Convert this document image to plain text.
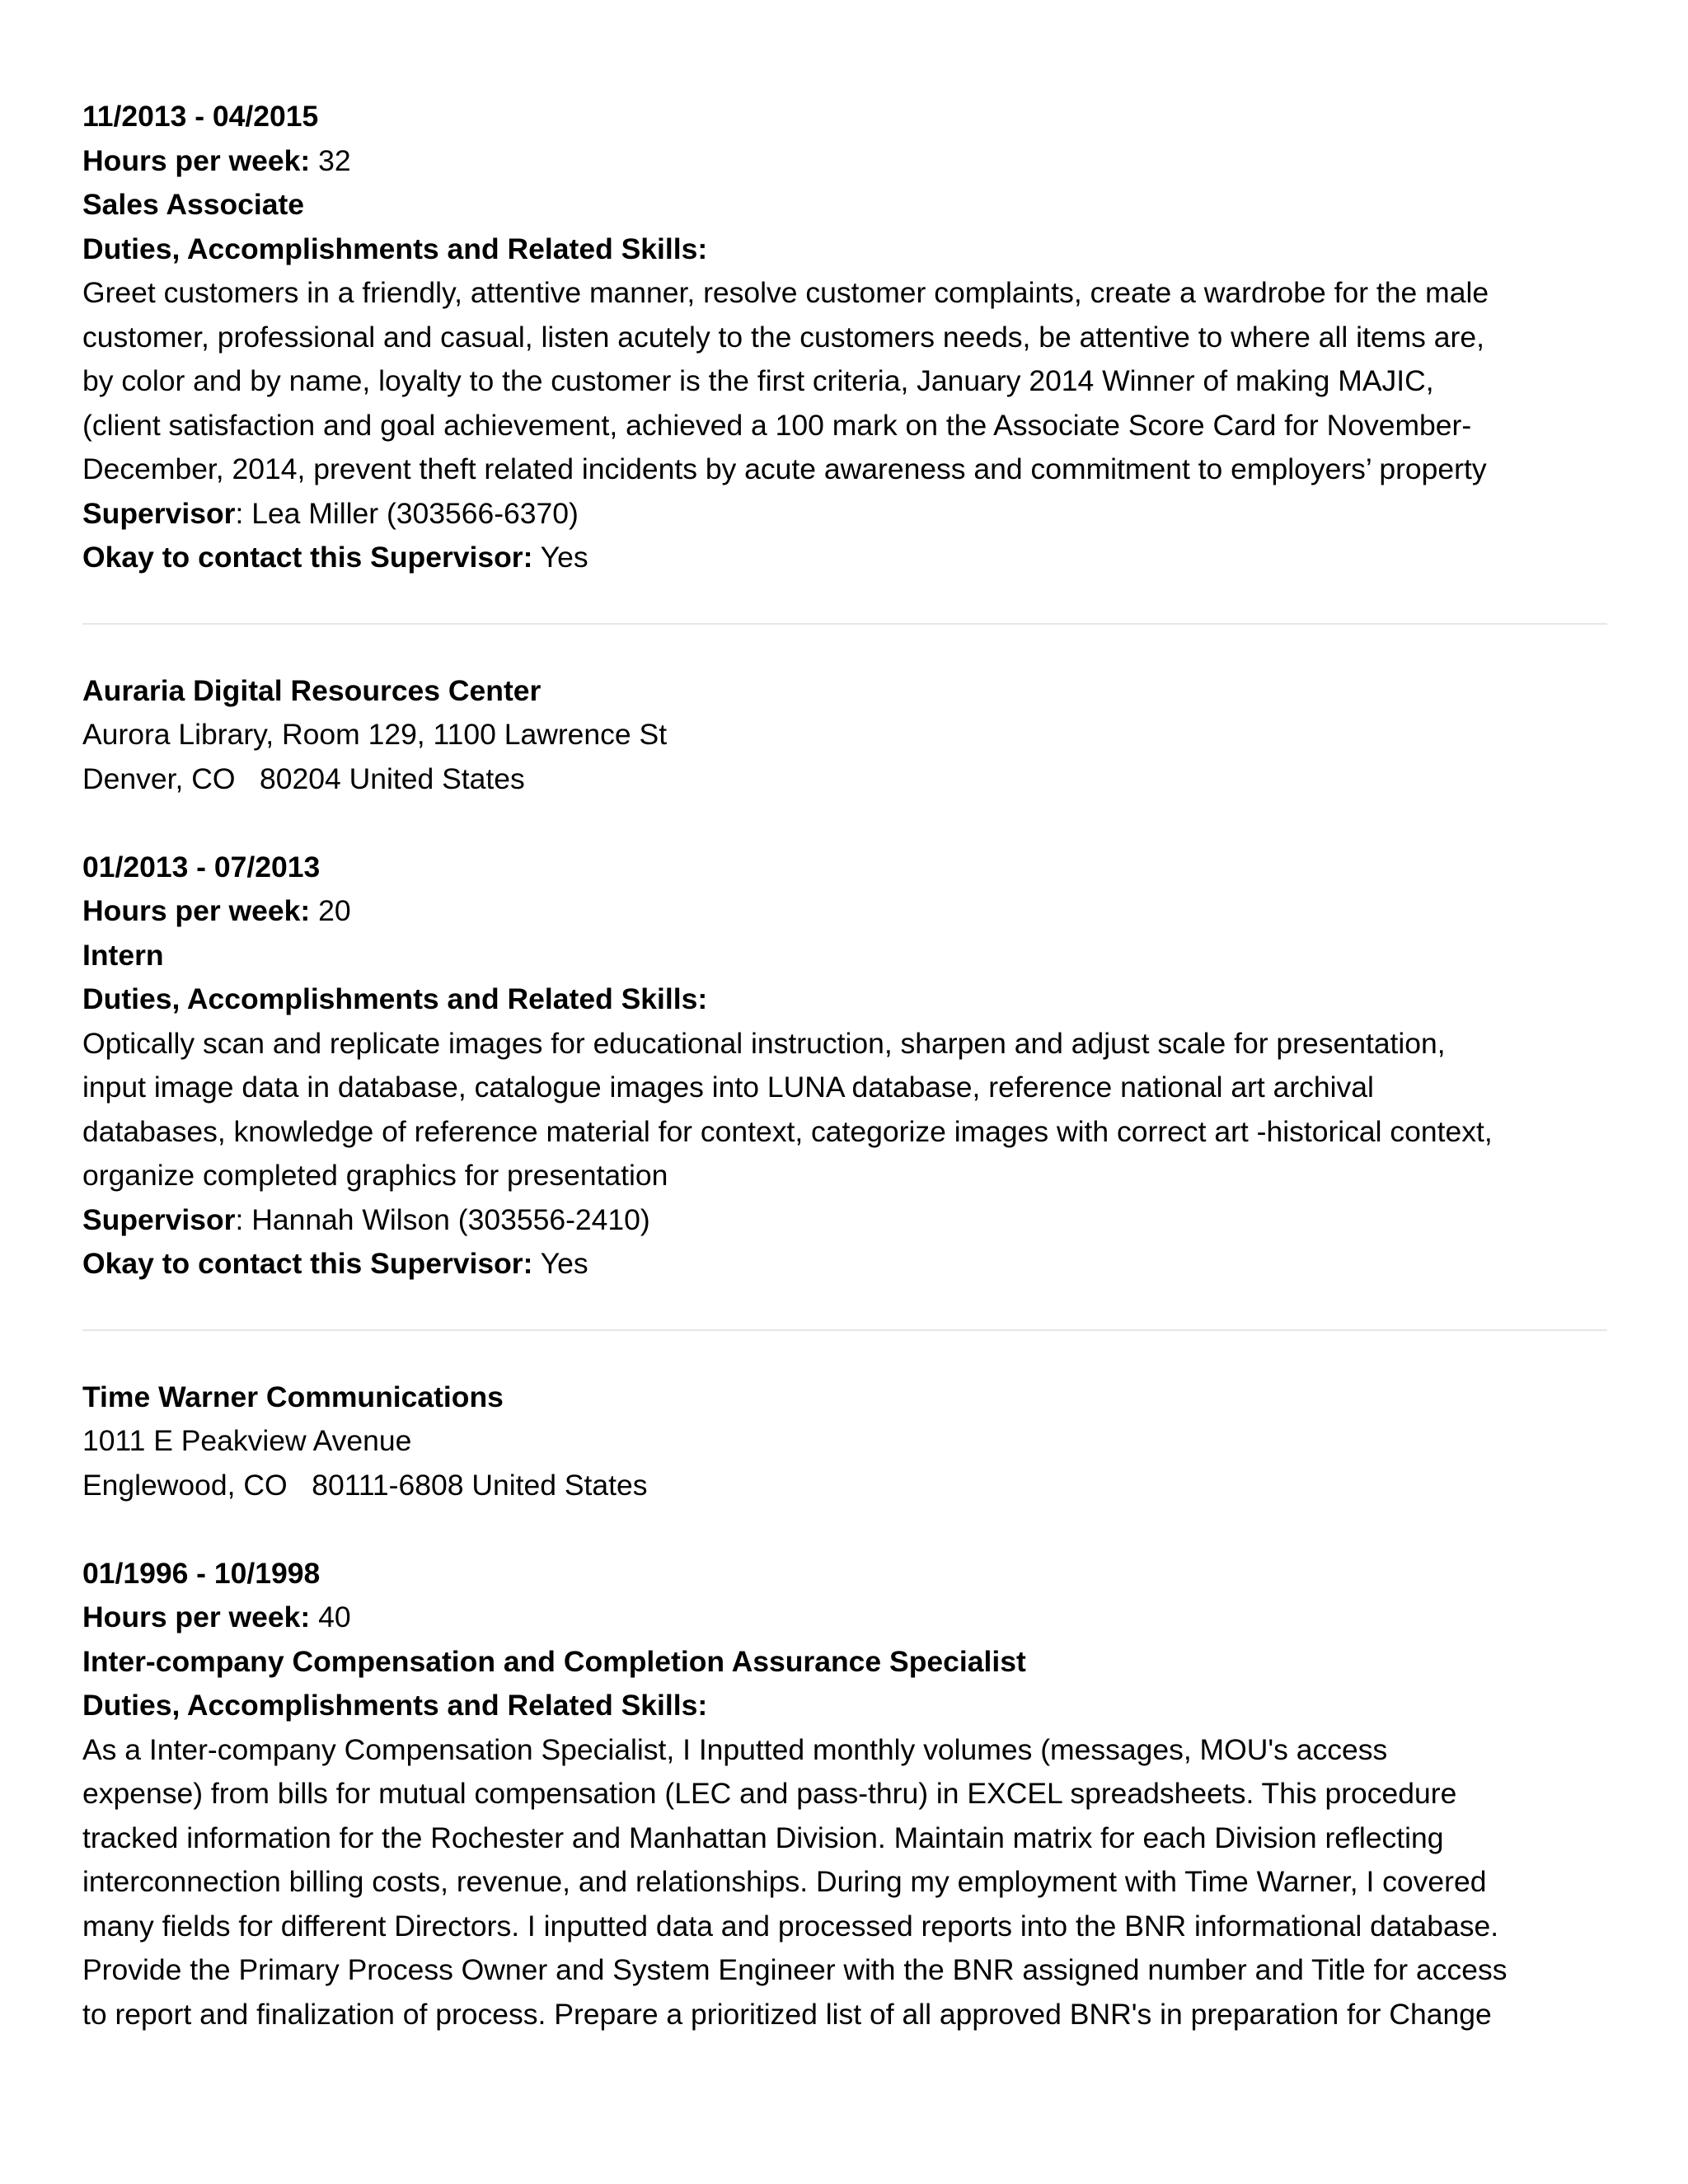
11/2013 - 04/2015
Hours per week: 32
Sales Associate
Duties, Accomplishments and Related Skills:
Greet customers in a friendly, attentive manner, resolve customer complaints, create a wardrobe for the male
customer, professional and casual, listen acutely to the customers needs, be attentive to where all items are,
by color and by name, loyalty to the customer is the first criteria, January 2014 Winner of making MAJIC,
(client satisfaction and goal achievement, achieved a 100 mark on the Associate Score Card for November-
December, 2014, prevent theft related incidents by acute awareness and commitment to employers’ property
Supervisor: Lea Miller (303566-6370)
Okay to contact this Supervisor: Yes
Auraria Digital Resources Center
Aurora Library, Room 129, 1100 Lawrence St
Denver, CO   80204 United States
01/2013 - 07/2013
Hours per week: 20
Intern
Duties, Accomplishments and Related Skills:
Optically scan and replicate images for educational instruction, sharpen and adjust scale for presentation,
input image data in database, catalogue images into LUNA database, reference national art archival
databases, knowledge of reference material for context, categorize images with correct art -historical context,
organize completed graphics for presentation
Supervisor: Hannah Wilson (303556-2410)
Okay to contact this Supervisor: Yes
Time Warner Communications
1011 E Peakview Avenue
Englewood, CO   80111-6808 United States
01/1996 - 10/1998
Hours per week: 40
Inter-company Compensation and Completion Assurance Specialist
Duties, Accomplishments and Related Skills:
As a Inter-company Compensation Specialist, I Inputted monthly volumes (messages, MOU's access
expense) from bills for mutual compensation (LEC and pass-thru) in EXCEL spreadsheets. This procedure
tracked information for the Rochester and Manhattan Division. Maintain matrix for each Division reflecting
interconnection billing costs, revenue, and relationships. During my employment with Time Warner, I covered
many fields for different Directors. I inputted data and processed reports into the BNR informational database.
Provide the Primary Process Owner and System Engineer with the BNR assigned number and Title for access
to report and finalization of process. Prepare a prioritized list of all approved BNR's in preparation for Change
